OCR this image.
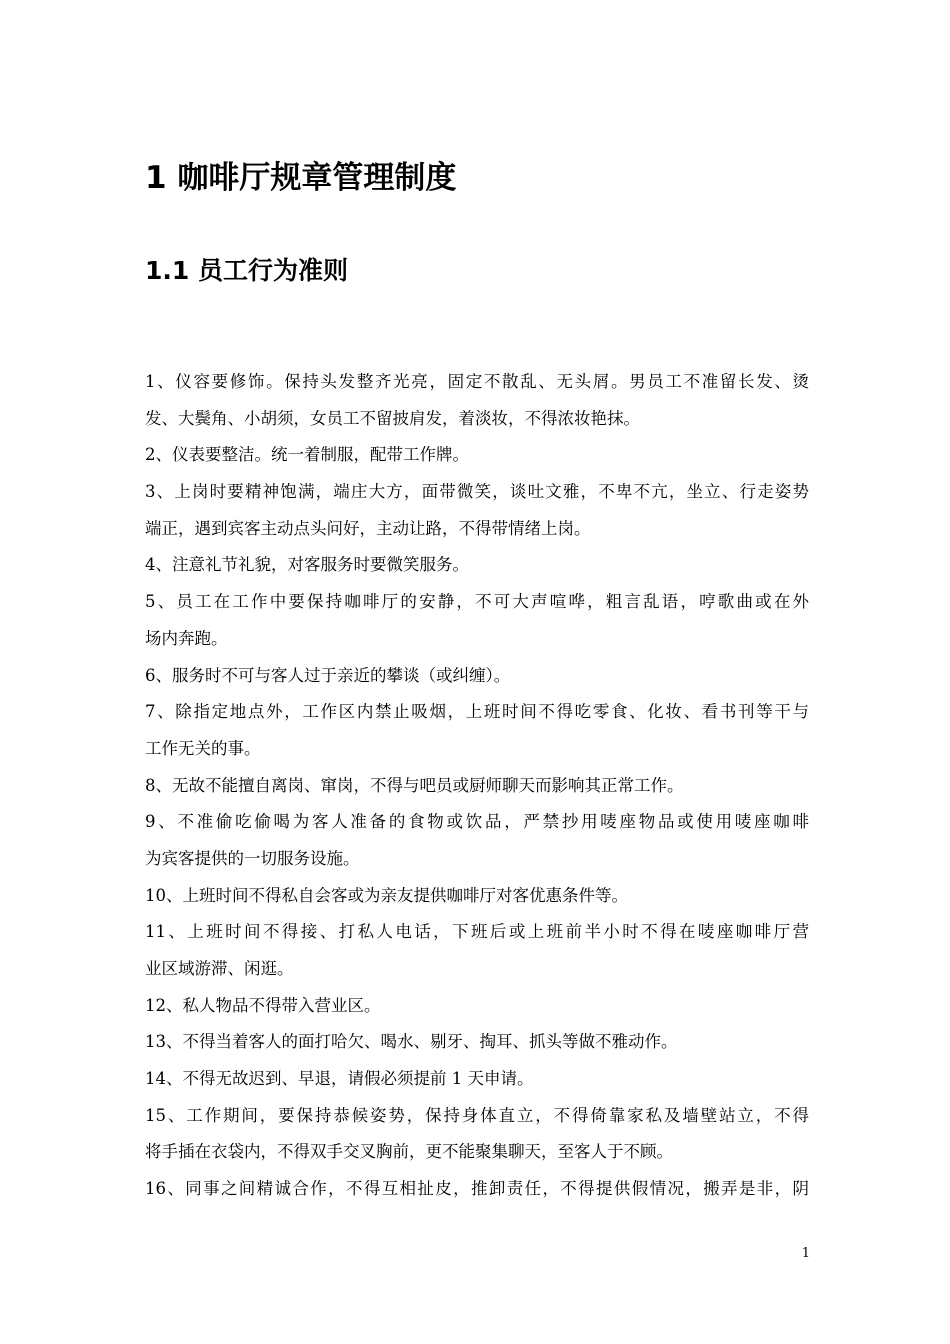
1 咖啡厅规章管理制度
1.1 员工行为准则
1、仪容要修饰。保持头发整齐光亮，固定不散乱、无头屑。男员工不准留长发、烫
发、大鬓角、小胡须，女员工不留披肩发，着淡妆，不得浓妆艳抹。
2、仪表要整洁。统一着制服，配带工作牌。
3、上岗时要精神饱满，端庄大方，面带微笑，谈吐文雅，不卑不亢，坐立、行走姿势
端正，遇到宾客主动点头问好，主动让路，不得带情绪上岗。
4、注意礼节礼貌，对客服务时要微笑服务。
5、员工在工作中要保持咖啡厅的安静，不可大声喧哗，粗言乱语，哼歌曲或在外
场内奔跑。
6、服务时不可与客人过于亲近的攀谈（或纠缠）。
7、除指定地点外，工作区内禁止吸烟，上班时间不得吃零食、化妆、看书刊等干与
工作无关的事。
8、无故不能擅自离岗、窜岗，不得与吧员或厨师聊天而影响其正常工作。
9、不准偷吃偷喝为客人准备的食物或饮品，严禁抄用唛座物品或使用唛座咖啡
为宾客提供的一切服务设施。
10、上班时间不得私自会客或为亲友提供咖啡厅对客优惠条件等。
11、上班时间不得接、打私人电话，下班后或上班前半小时不得在唛座咖啡厅营
业区域游滞、闲逛。
12、私人物品不得带入营业区。
13、不得当着客人的面打哈欠、喝水、剔牙、掏耳、抓头等做不雅动作。
14、不得无故迟到、早退，请假必须提前 1 天申请。
15、工作期间，要保持恭候姿势，保持身体直立，不得倚靠家私及墙壁站立，不得
将手插在衣袋内，不得双手交叉胸前，更不能聚集聊天，至客人于不顾。
16、同事之间精诚合作，不得互相扯皮，推卸责任，不得提供假情况，搬弄是非，阴
1
